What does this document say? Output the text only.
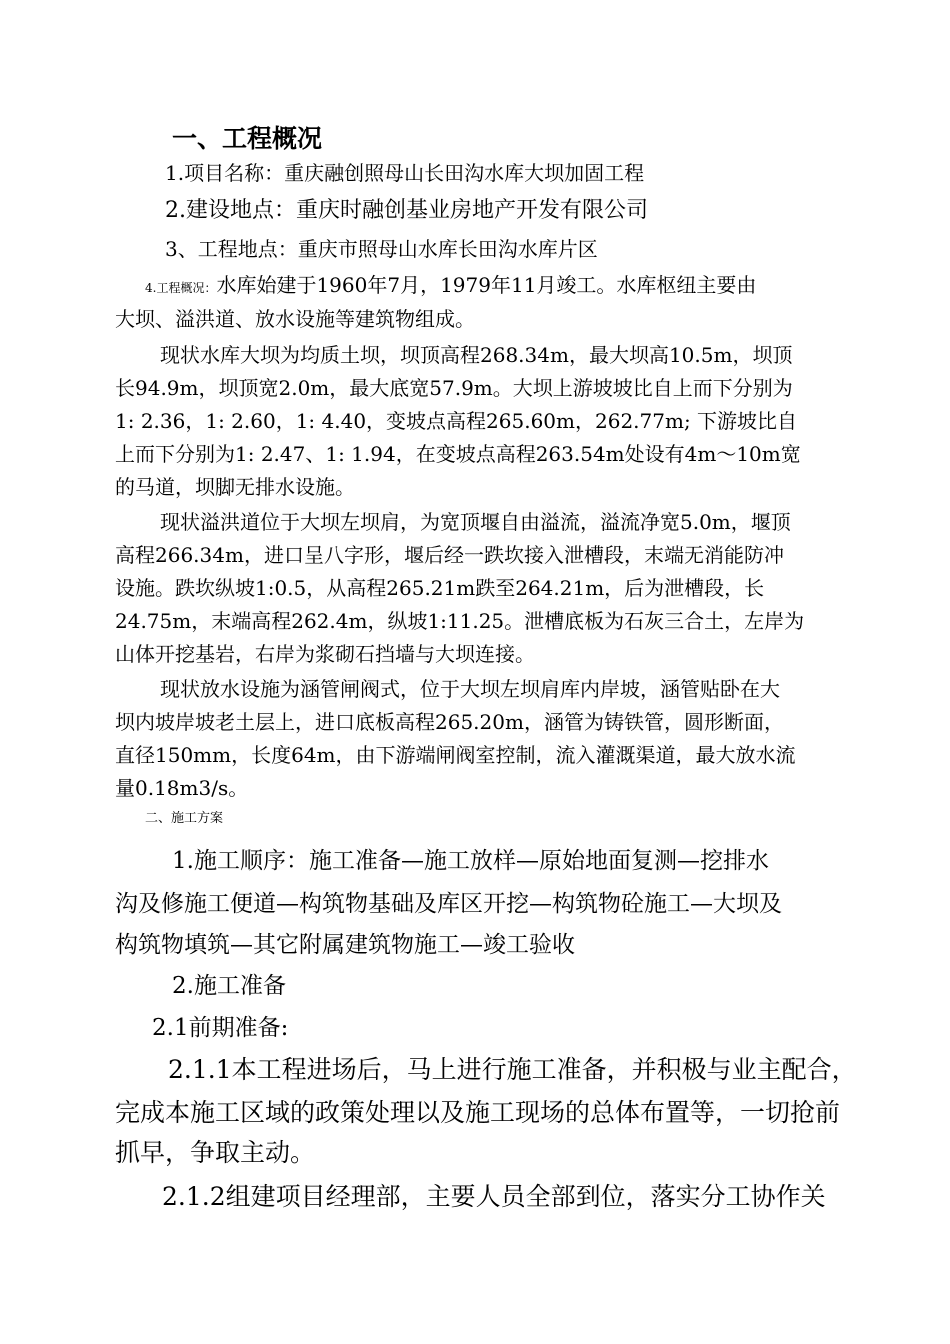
一、工程概况
1.项目名称：重庆融创照母山长田沟水库大坝加固工程
2.建设地点：重庆时融创基业房地产开发有限公司
3、工程地点：重庆市照母山水库长田沟水库片区
4.工程概况：水库始建于1960年7月，1979年11月竣工。水库枢纽主要由
大坝、溢洪道、放水设施等建筑物组成。
现状水库大坝为均质土坝，坝顶高程268.34m，最大坝高10.5m，坝顶
长94.9m，坝顶宽2.0m，最大底宽57.9m。大坝上游坡坡比自上而下分别为
1: 2.36，1: 2.60，1: 4.40，变坡点高程265.60m，262.77m; 下游坡比自
上而下分别为1: 2.47、1: 1.94，在变坡点高程263.54m处设有4m～10m宽
的马道，坝脚无排水设施。
现状溢洪道位于大坝左坝肩，为宽顶堰自由溢流，溢流净宽5.0m，堰顶
高程266.34m，进口呈八字形，堰后经一跌坎接入泄槽段，末端无消能防冲
设施。跌坎纵坡1:0.5，从高程265.21m跌至264.21m，后为泄槽段，长
24.75m，末端高程262.4m，纵坡1:11.25。泄槽底板为石灰三合土，左岸为
山体开挖基岩，右岸为浆砌石挡墙与大坝连接。
现状放水设施为涵管闸阀式，位于大坝左坝肩库内岸坡，涵管贴卧在大
坝内坡岸坡老土层上，进口底板高程265.20m，涵管为铸铁管，圆形断面，
直径150mm，长度64m，由下游端闸阀室控制，流入灌溉渠道，最大放水流
量0.18m3/s。
二、施工方案
1.施工顺序：施工准备—施工放样—原始地面复测—挖排水
沟及修施工便道—构筑物基础及库区开挖—构筑物砼施工—大坝及
构筑物填筑—其它附属建筑物施工—竣工验收
2.施工准备
2.1前期准备:
2.1.1本工程进场后，马上进行施工准备，并积极与业主配合，
完成本施工区域的政策处理以及施工现场的总体布置等，一切抢前
抓早，争取主动。
2.1.2组建项目经理部，主要人员全部到位，落实分工协作关
